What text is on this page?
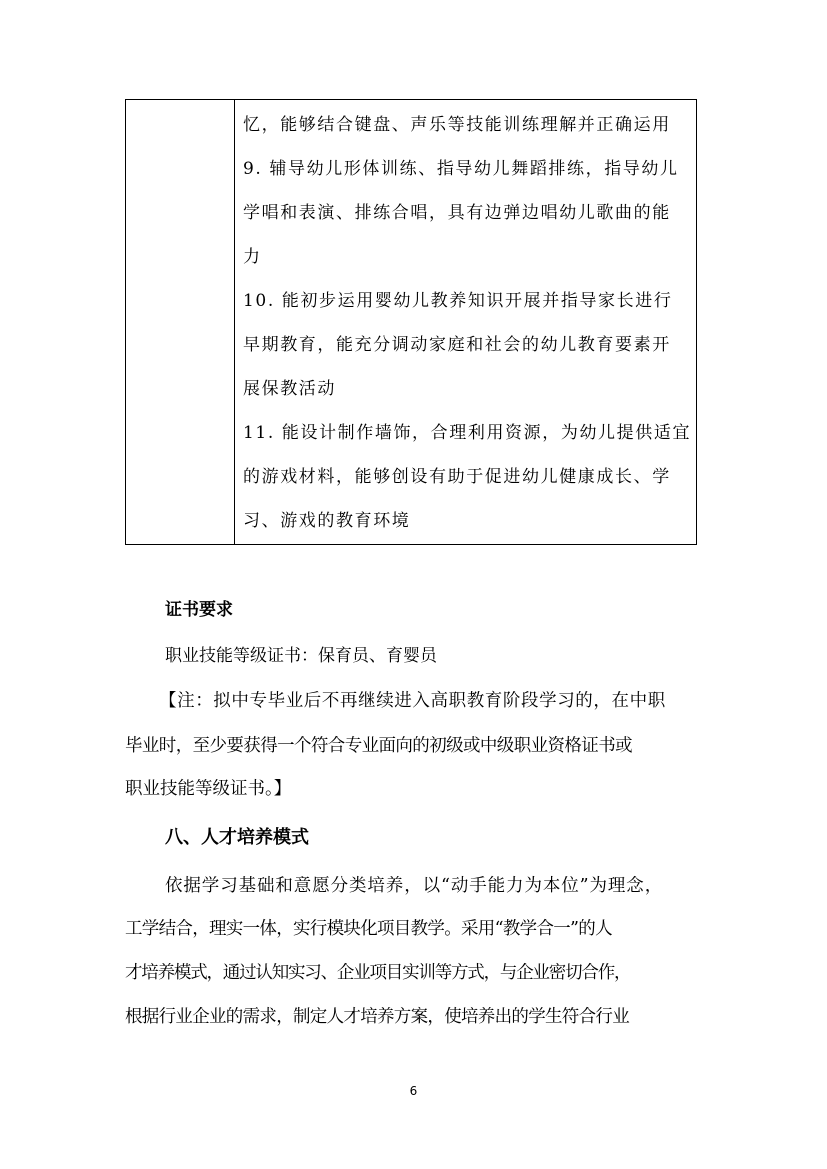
忆，能够结合键盘、声乐等技能训练理解并正确运用
9. 辅导幼儿形体训练、指导幼儿舞蹈排练，指导幼儿
学唱和表演、排练合唱，具有边弹边唱幼儿歌曲的能
力
10. 能初步运用婴幼儿教养知识开展并指导家长进行
早期教育，能充分调动家庭和社会的幼儿教育要素开
展保教活动
11. 能设计制作墙饰，合理利用资源，为幼儿提供适宜
的游戏材料，能够创设有助于促进幼儿健康成长、学
习、游戏的教育环境
证书要求
职业技能等级证书：保育员、育婴员
【注：拟中专毕业后不再继续进入高职教育阶段学习的，在中职
毕业时，至少要获得一个符合专业面向的初级或中级职业资格证书或
职业技能等级证书。】
八、人才培养模式
依据学习基础和意愿分类培养，以“动手能力为本位”为理念，
工学结合，理实一体，实行模块化项目教学。采用“教学合一”的人
才培养模式，通过认知实习、企业项目实训等方式，与企业密切合作，
根据行业企业的需求，制定人才培养方案，使培养出的学生符合行业
6
